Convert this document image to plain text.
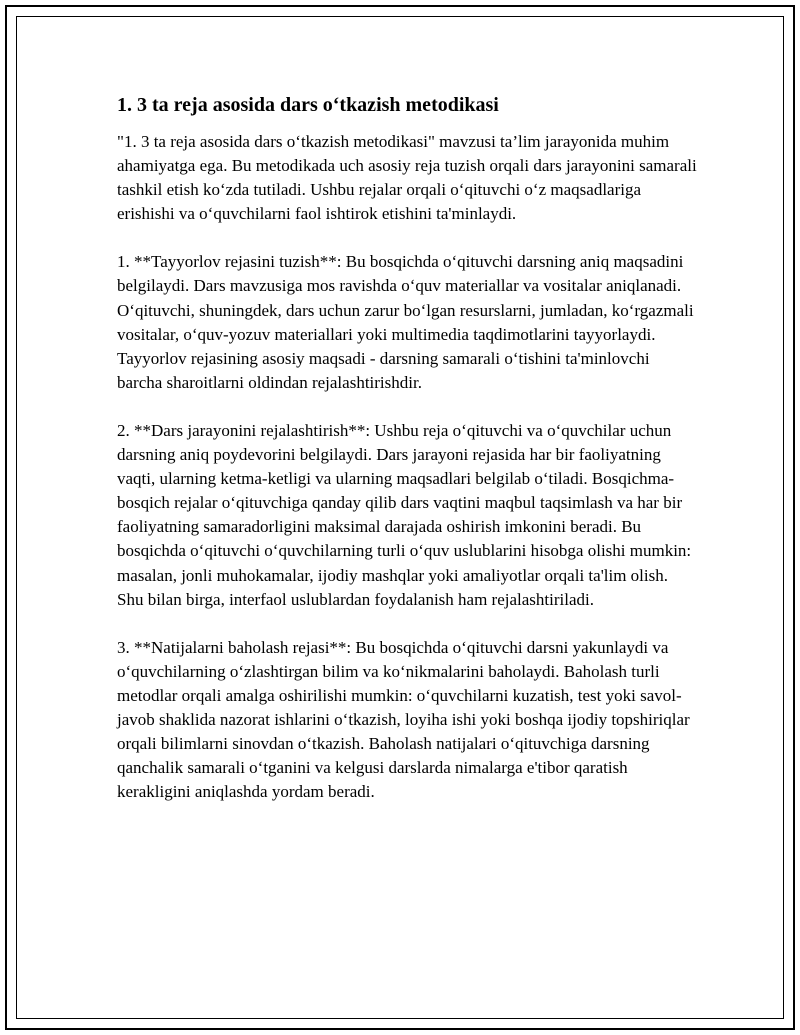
1. 3 ta reja asosida dars o‘tkazish metodikasi

"1. 3 ta reja asosida dars o‘tkazish metodikasi" mavzusi ta’lim jarayonida muhim ahamiyatga ega. Bu metodikada uch asosiy reja tuzish orqali dars jarayonini samarali tashkil etish ko‘zda tutiladi. Ushbu rejalar orqali o‘qituvchi o‘z maqsadlariga erishishi va o‘quvchilarni faol ishtirok etishini ta'minlaydi.

1. **Tayyorlov rejasini tuzish**: Bu bosqichda o‘qituvchi darsning aniq maqsadini belgilaydi. Dars mavzusiga mos ravishda o‘quv materiallar va vositalar aniqlanadi. O‘qituvchi, shuningdek, dars uchun zarur bo‘lgan resurslarni, jumladan, ko‘rgazmali vositalar, o‘quv-yozuv materiallari yoki multimedia taqdimotlarini tayyorlaydi. Tayyorlov rejasining asosiy maqsadi - darsning samarali o‘tishini ta'minlovchi barcha sharoitlarni oldindan rejalashtirishdir.

2. **Dars jarayonini rejalashtirish**: Ushbu reja o‘qituvchi va o‘quvchilar uchun darsning aniq poydevorini belgilaydi. Dars jarayoni rejasida har bir faoliyatning vaqti, ularning ketma-ketligi va ularning maqsadlari belgilab o‘tiladi. Bosqichma-bosqich rejalar o‘qituvchiga qanday qilib dars vaqtini maqbul taqsimlash va har bir faoliyatning samaradorligini maksimal darajada oshirish imkonini beradi. Bu bosqichda o‘qituvchi o‘quvchilarning turli o‘quv uslublarini hisobga olishi mumkin: masalan, jonli muhokamalar, ijodiy mashqlar yoki amaliyotlar orqali ta'lim olish. Shu bilan birga, interfaol uslublardan foydalanish ham rejalashtiriladi.

3. **Natijalarni baholash rejasi**: Bu bosqichda o‘qituvchi darsni yakunlaydi va o‘quvchilarning o‘zlashtirgan bilim va ko‘nikmalarini baholaydi. Baholash turli metodlar orqali amalga oshirilishi mumkin: o‘quvchilarni kuzatish, test yoki savol-javob shaklida nazorat ishlarini o‘tkazish, loyiha ishi yoki boshqa ijodiy topshiriqlar orqali bilimlarni sinovdan o‘tkazish. Baholash natijalari o‘qituvchiga darsning qanchalik samarali o‘tganini va kelgusi darslarda nimalarga e'tibor qaratish kerakligini aniqlashda yordam beradi.
